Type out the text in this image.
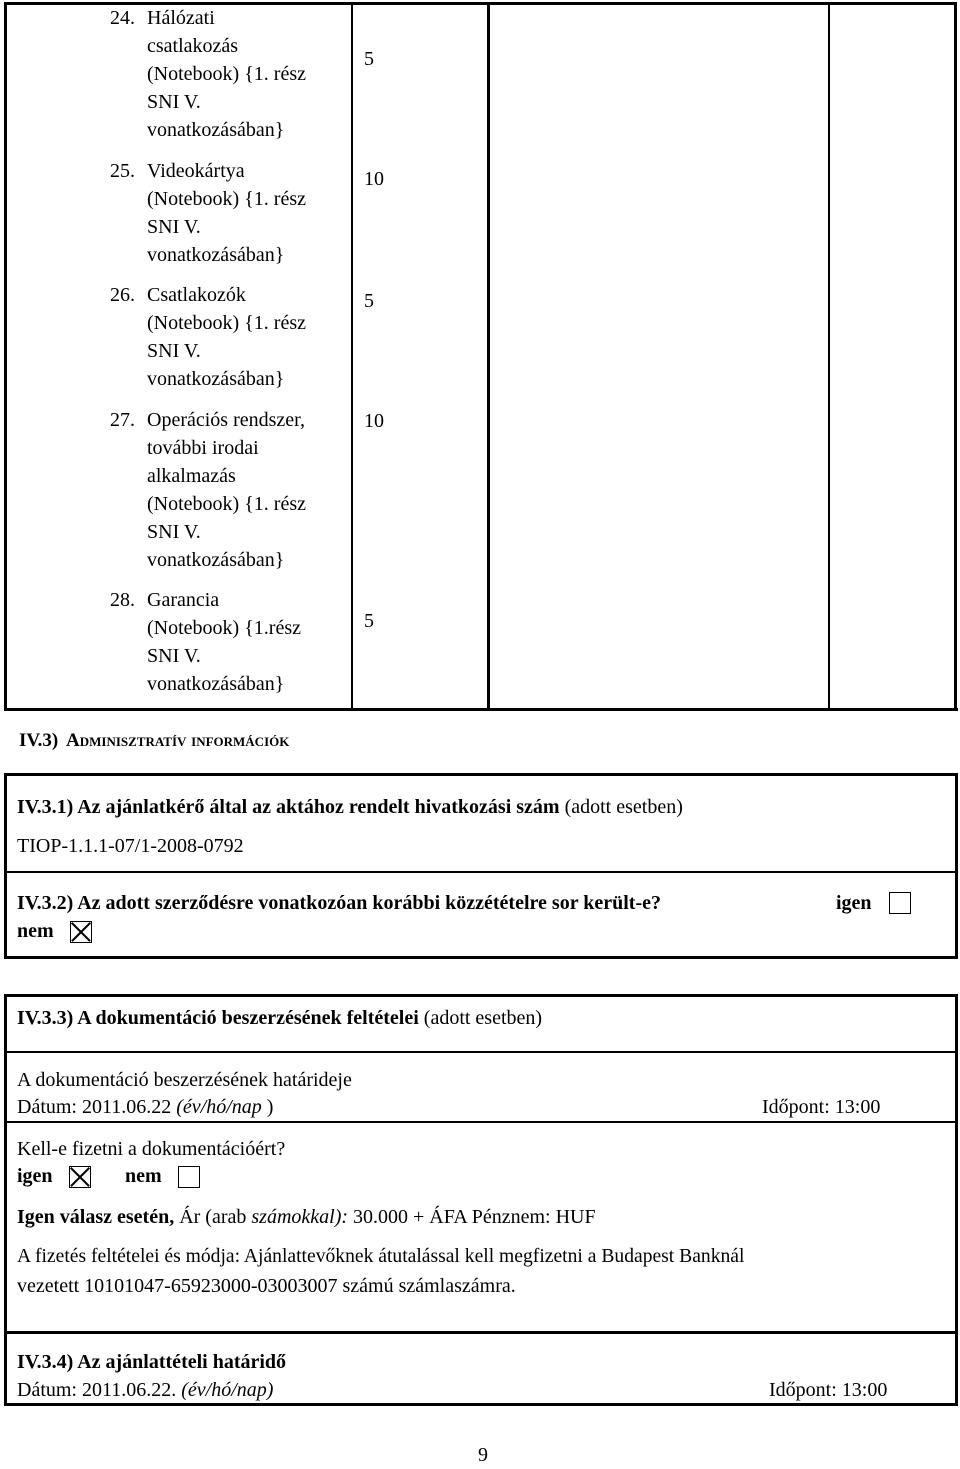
24. Hálózati
csatlakozás
(Notebook) {1. rész
SNI V.
vonatkozásában}
5
25. Videokártya
(Notebook) {1. rész
SNI V.
vonatkozásában}
10
26. Csatlakozók
(Notebook) {1. rész
SNI V.
vonatkozásában}
5
27. Operációs rendszer,
további irodai
alkalmazás
(Notebook) {1. rész
SNI V.
vonatkozásában}
10
28. Garancia
(Notebook) {1.rész
SNI V.
vonatkozásában}
5
IV.3) Adminisztratív információk
IV.3.1) Az ajánlatkérő által az aktához rendelt hivatkozási szám (adott esetben)
TIOP-1.1.1-07/1-2008-0792
IV.3.2) Az adott szerződésre vonatkozóan korábbi közzétételre sor került-e?	igen
nem
IV.3.3) A dokumentáció beszerzésének feltételei (adott esetben)
A dokumentáció beszerzésének határideje
Dátum: 2011.06.22 (év/hó/nap )	Időpont: 13:00
Kell-e fizetni a dokumentációért?
igen	nem
Igen válasz esetén, Ár (arab számokkal): 30.000 + ÁFA Pénznem: HUF
A fizetés feltételei és módja: Ajánlattevőknek átutalással kell megfizetni a Budapest Banknál
vezetett 10101047-65923000-03003007 számú számlaszámra.
IV.3.4) Az ajánlattételi határidő
Dátum: 2011.06.22. (év/hó/nap)	Időpont: 13:00
9
